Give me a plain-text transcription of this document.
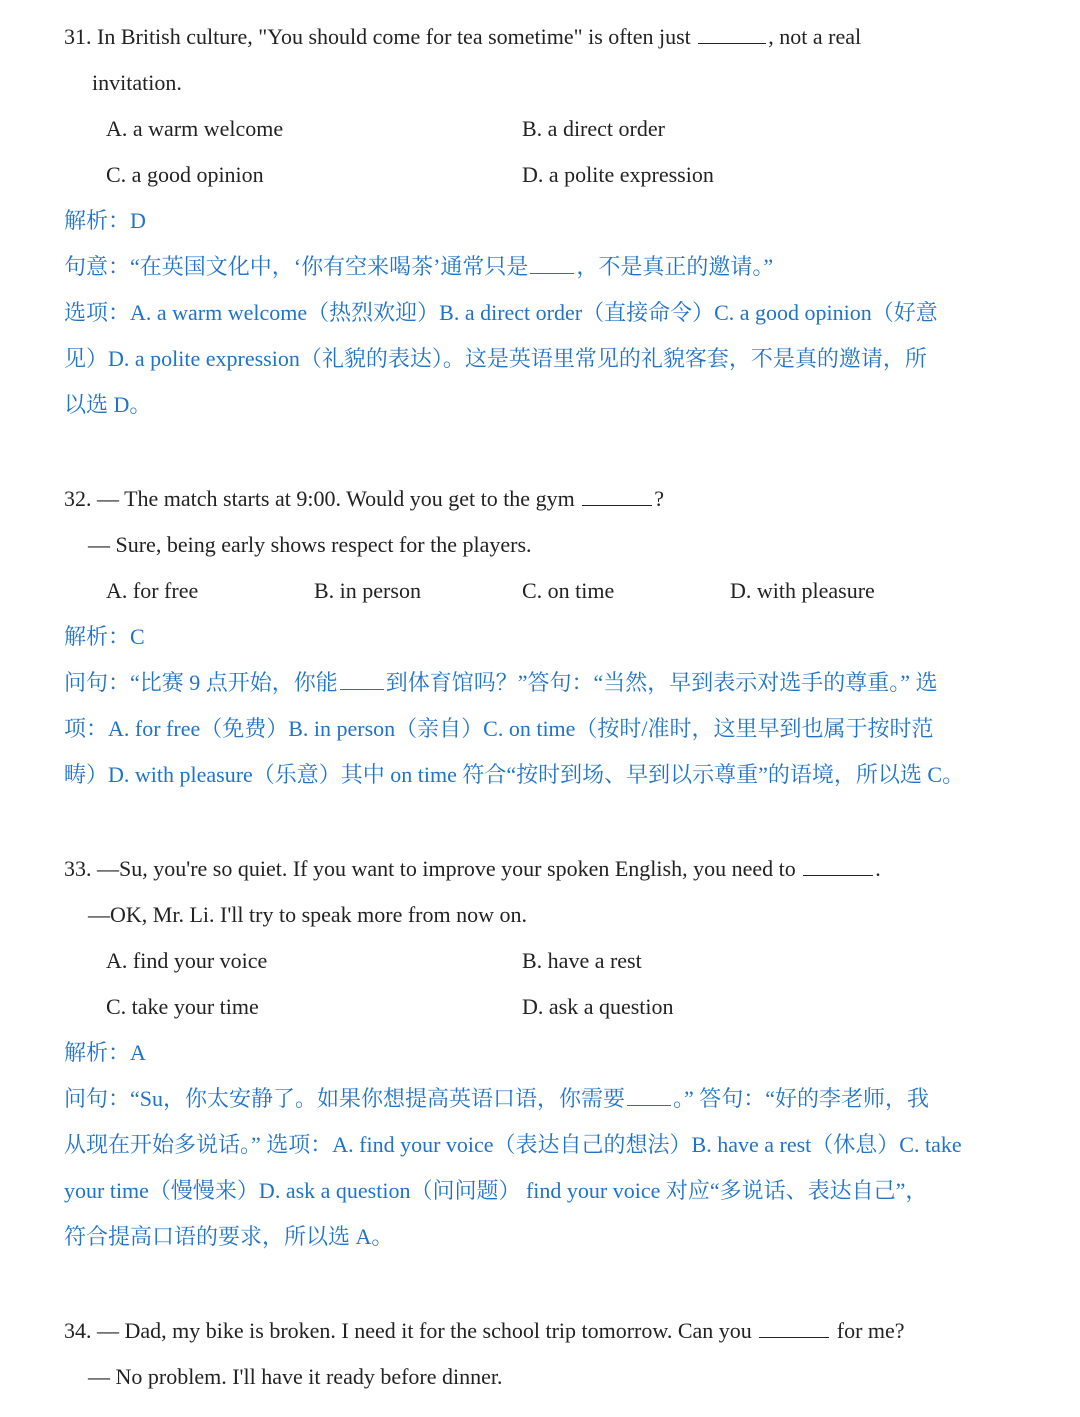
31. In British culture, "You should come for tea sometime" is often just	, not a real
invitation.
A. a warm welcome	B. a direct order
C. a good opinion	D. a polite expression
解析：D
句意：“在英国文化中，‘你有空来喝茶’通常只是 ，不是真正的邀请。”
选项：A. a warm welcome（热烈欢迎）B. a direct order（直接命令）C. a good opinion（好意
见）D. a polite expression（礼貌的表达）。这是英语里常见的礼貌客套，不是真的邀请，所
以选 D。
32. — The match starts at 9:00. Would you get to the gym	?
— Sure, being early shows respect for the players.
A. for free	B. in person	C. on time	D. with pleasure
解析：C
问句：“比赛 9 点开始，你能 到体育馆吗？”答句：“当然，早到表示对选手的尊重。” 选
项：A. for free（免费）B. in person（亲自）C. on time（按时/准时，这里早到也属于按时范
畴）D. with pleasure（乐意）其中 on time 符合“按时到场、早到以示尊重”的语境，所以选 C。
33. —Su, you're so quiet. If you want to improve your spoken English, you need to	.
—OK, Mr. Li. I'll try to speak more from now on.
A. find your voice	B. have a rest
C. take your time	D. ask a question
解析：A
问句：“Su，你太安静了。如果你想提高英语口语，你需要 。” 答句：“好的李老师，我
从现在开始多说话。” 选项：A. find your voice（表达自己的想法）B. have a rest（休息）C. take
your time（慢慢来）D. ask a question（问问题） find your voice 对应“多说话、表达自己”，
符合提高口语的要求，所以选 A。
34. — Dad, my bike is broken. I need it for the school trip tomorrow. Can you	for me?
— No problem. I'll have it ready before dinner.
